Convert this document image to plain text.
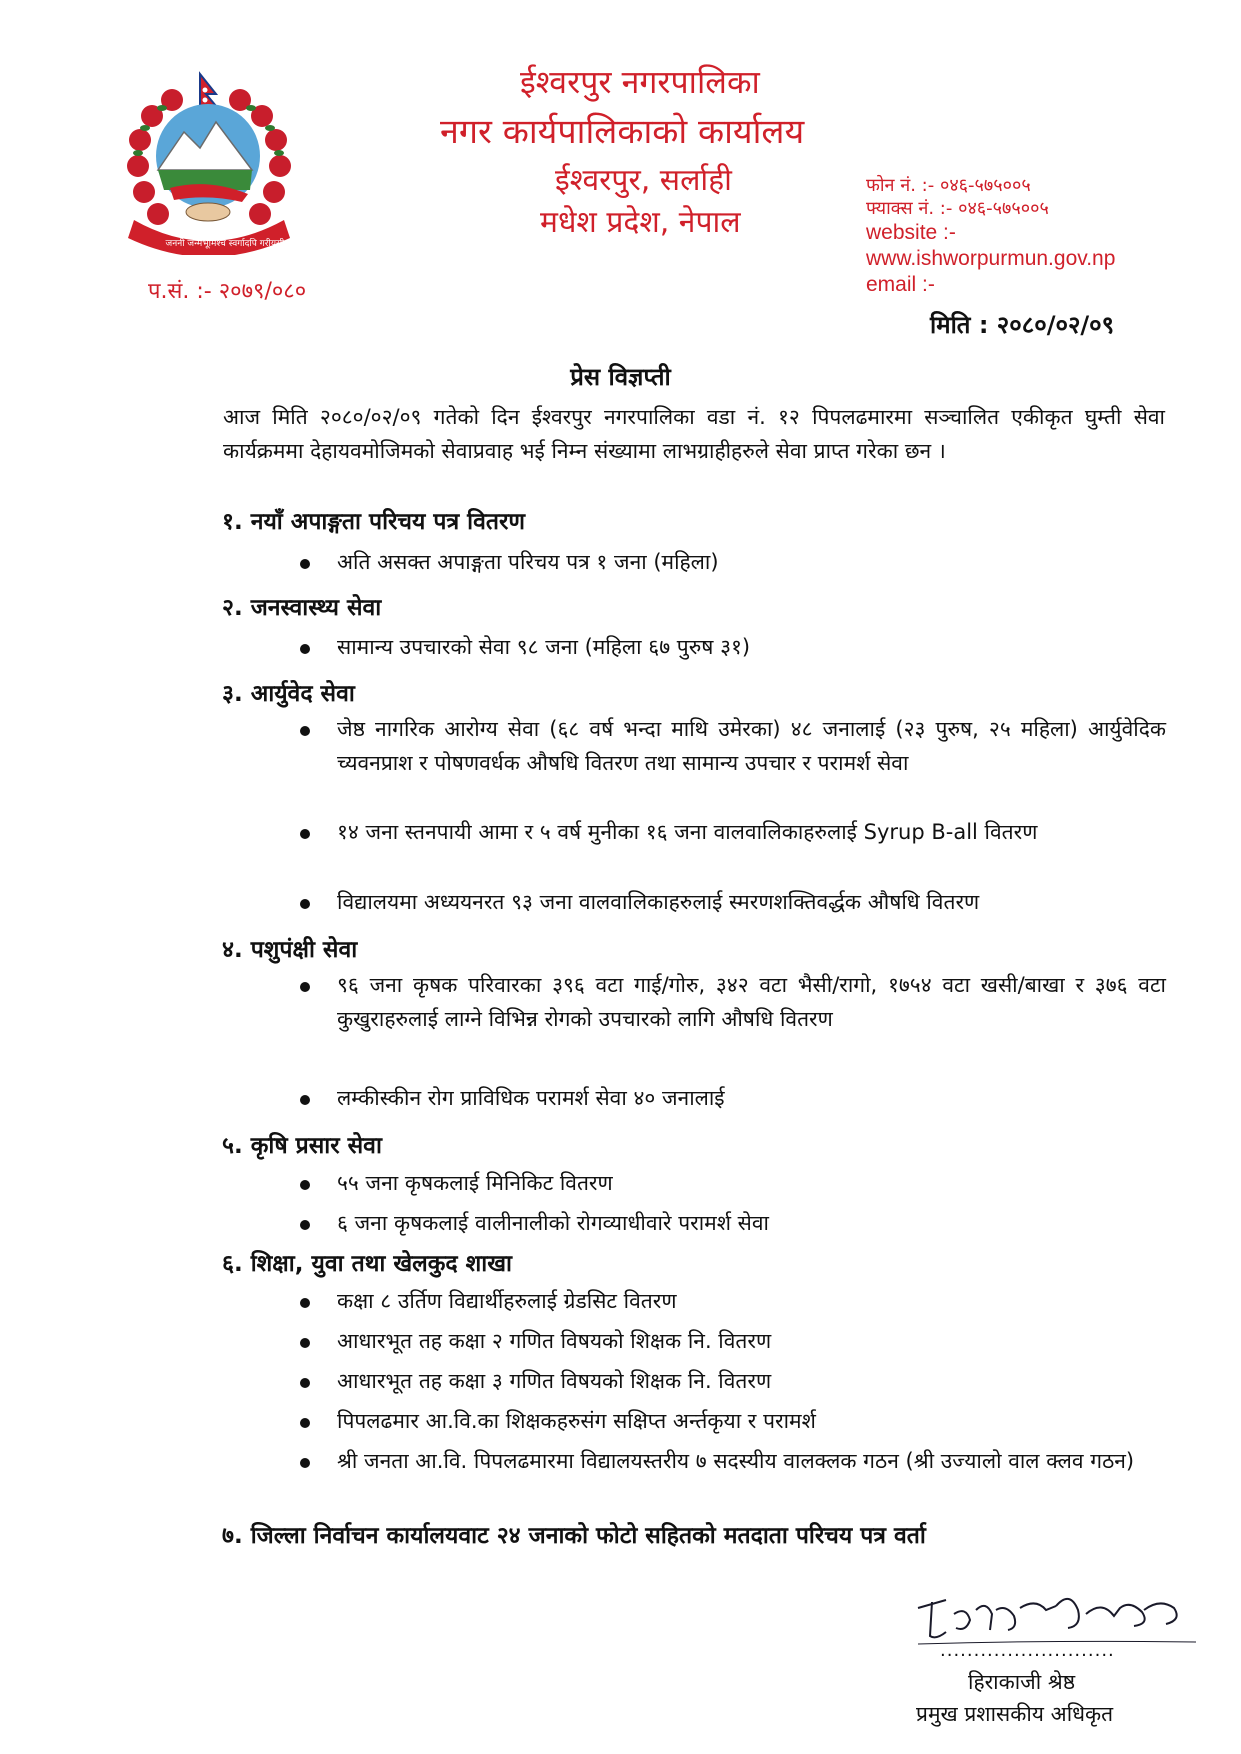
जननी जन्मभूमिश्च स्वर्गादपि गरीयसी
ईश्वरपुर नगरपालिका
नगर कार्यपालिकाको कार्यालय
ईश्वरपुर, सर्लाही
मधेश प्रदेश, नेपाल
प.सं. :- २०७९/०८०
फोन नं. :- ०४६-५७५००५
फ्याक्स नं. :- ०४६-५७५००५
website :-
www.ishworpurmun.gov.np
email :-
मिति : २०८०/०२/०९
प्रेस विज्ञप्ती

आज मिति २०८०/०२/०९ गतेको दिन ईश्वरपुर नगरपालिका वडा नं. १२ पिपलढमारमा सञ्चालित एकीकृत घुम्ती सेवा कार्यक्रममा देहायवमोजिमको सेवाप्रवाह भई निम्न संख्यामा लाभग्राहीहरुले सेवा प्राप्त गरेका छन ।

१. नयाँ अपाङ्गता परिचय पत्र वितरण
अति असक्त अपाङ्गता परिचय पत्र १ जना (महिला)
२. जनस्वास्थ्य सेवा
सामान्य उपचारको सेवा ९८ जना (महिला ६७ पुरुष ३१)
३. आर्युवेद सेवा
जेष्ठ नागरिक आरोग्य सेवा (६८ वर्ष भन्दा माथि उमेरका) ४८ जनालाई (२३ पुरुष, २५ महिला) आर्युवेदिक च्यवनप्राश र पोषणवर्धक औषधि वितरण तथा सामान्य उपचार र परामर्श सेवा
१४ जना स्तनपायी आमा र ५ वर्ष मुनीका १६ जना वालवालिकाहरुलाई Syrup B-all वितरण
विद्यालयमा अध्ययनरत ९३ जना वालवालिकाहरुलाई स्मरणशक्तिवर्द्धक औषधि वितरण
४. पशुपंक्षी सेवा
९६ जना कृषक परिवारका ३९६ वटा गाई/गोरु, ३४२ वटा भैसी/रागो, १७५४ वटा खसी/बाखा र ३७६ वटा कुखुराहरुलाई लाग्ने विभिन्न रोगको उपचारको लागि औषधि वितरण
लम्कीस्कीन रोग प्राविधिक परामर्श सेवा ४० जनालाई
५. कृषि प्रसार सेवा
५५ जना कृषकलाई मिनिकिट वितरण
६ जना कृषकलाई वालीनालीको रोगव्याधीवारे परामर्श सेवा
६. शिक्षा, युवा तथा खेलकुद शाखा
कक्षा ८ उर्तिण विद्यार्थीहरुलाई ग्रेडसिट वितरण
आधारभूत तह कक्षा २ गणित विषयको शिक्षक नि. वितरण
आधारभूत तह कक्षा ३ गणित विषयको शिक्षक नि. वितरण
पिपलढमार आ.वि.का शिक्षकहरुसंग सक्षिप्त अर्न्तकृया र परामर्श
श्री जनता आ.वि. पिपलढमारमा विद्यालयस्तरीय ७ सदस्यीय वालक्लक गठन (श्री उज्यालो वाल क्लव गठन)
७. जिल्ला निर्वाचन कार्यालयवाट २४ जनाको फोटो सहितको मतदाता परिचय पत्र वर्ता
..........................
हिराकाजी श्रेष्ठ
प्रमुख प्रशासकीय अधिकृत
